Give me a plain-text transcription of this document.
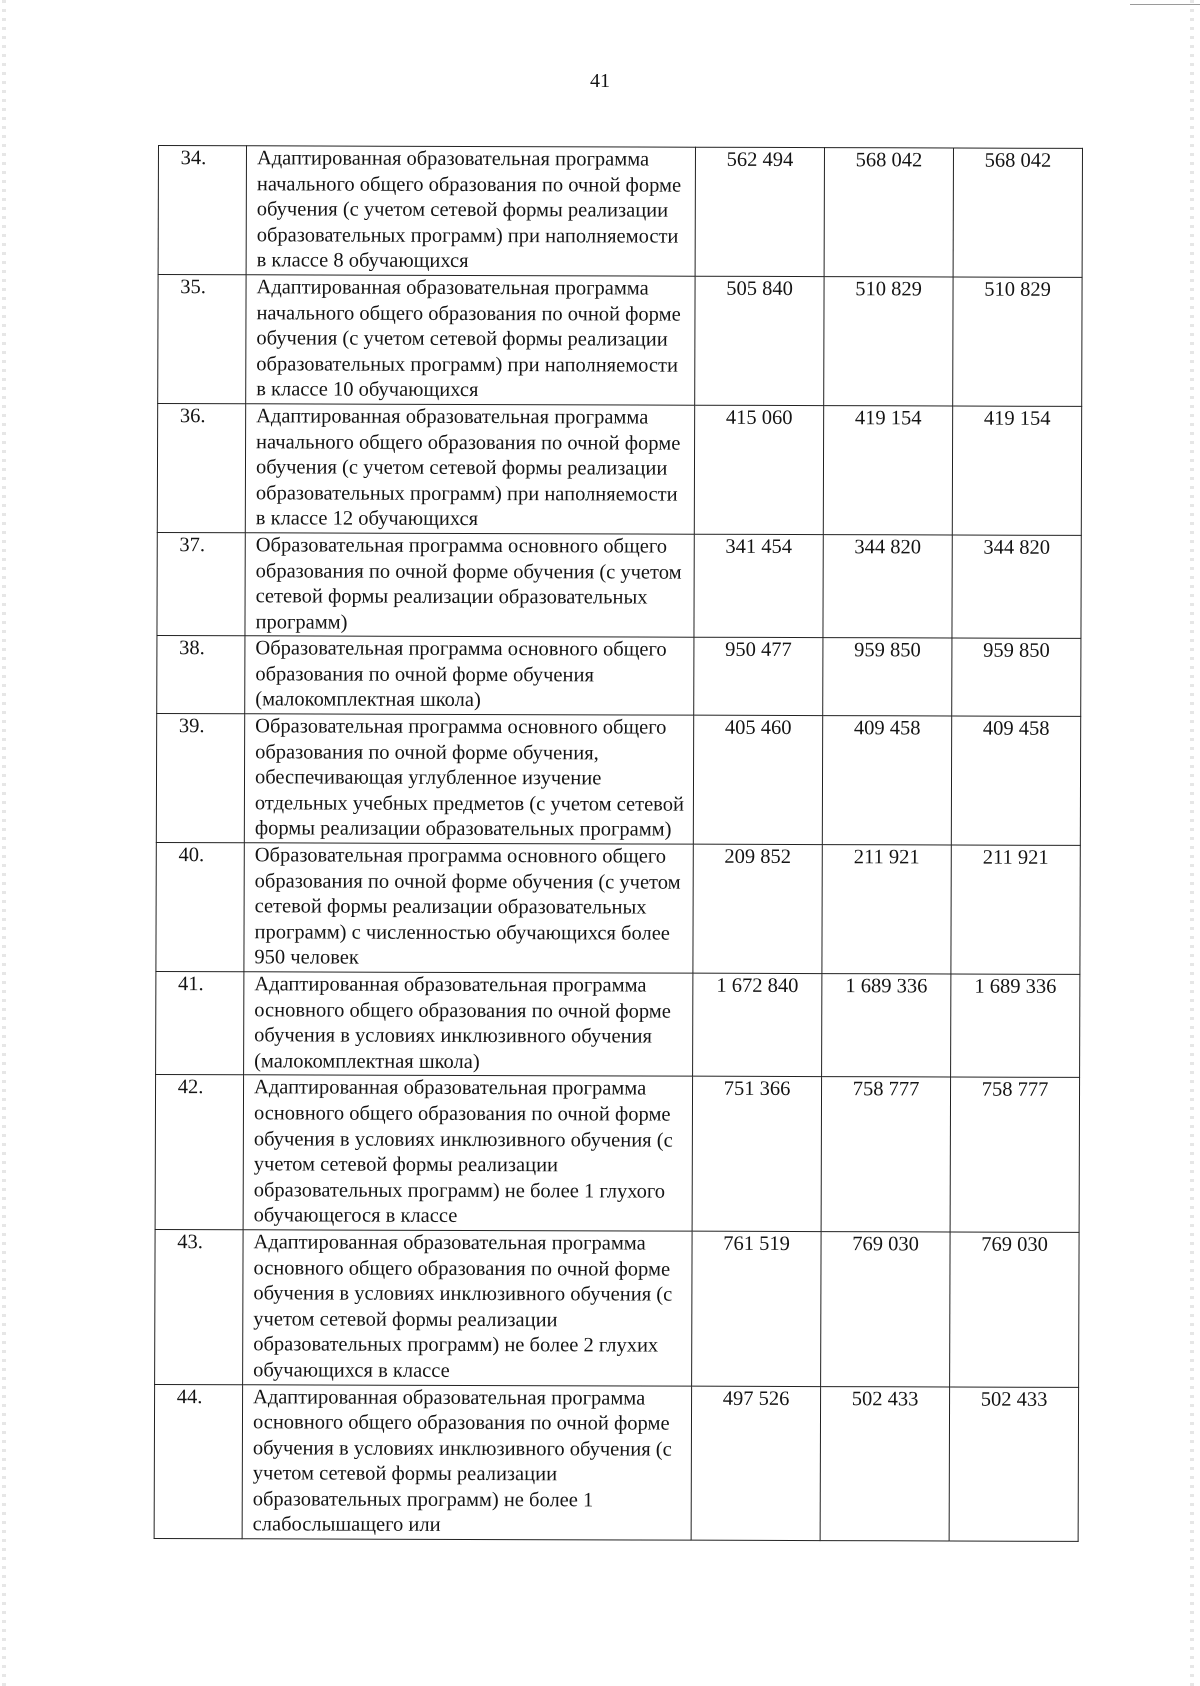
41
34.	Адаптированная образовательная программа начального общего образования по очной форме обучения (с учетом сетевой формы реализации образовательных программ) при наполняемости в классе 8 обучающихся	562 494	568 042	568 042
35.	Адаптированная образовательная программа начального общего образования по очной форме обучения (с учетом сетевой формы реализации образовательных программ) при наполняемости в классе 10 обучающихся	505 840	510 829	510 829
36.	Адаптированная образовательная программа начального общего образования по очной форме обучения (с учетом сетевой формы реализации образовательных программ) при наполняемости в классе 12 обучающихся	415 060	419 154	419 154
37.	Образовательная программа основного общего образования по очной форме обучения (с учетом сетевой формы реализации образовательных программ)	341 454	344 820	344 820
38.	Образовательная программа основного общего образования по очной форме обучения (малокомплектная школа)	950 477	959 850	959 850
39.	Образовательная программа основного общего образования по очной форме обучения, обеспечивающая углубленное изучение отдельных учебных предметов (с учетом сетевой формы реализации образовательных программ)	405 460	409 458	409 458
40.	Образовательная программа основного общего образования по очной форме обучения (с учетом сетевой формы реализации образовательных программ) с численностью обучающихся более 950 человек	209 852	211 921	211 921
41.	Адаптированная образовательная программа основного общего образования по очной форме обучения в условиях инклюзивного обучения (малокомплектная школа)	1 672 840	1 689 336	1 689 336
42.	Адаптированная образовательная программа основного общего образования по очной форме обучения в условиях инклюзивного обучения (с учетом сетевой формы реализации образовательных программ) не более 1 глухого обучающегося в классе	751 366	758 777	758 777
43.	Адаптированная образовательная программа основного общего образования по очной форме обучения в условиях инклюзивного обучения (с учетом сетевой формы реализации образовательных программ) не более 2 глухих обучающихся в классе	761 519	769 030	769 030
44.	Адаптированная образовательная программа основного общего образования по очной форме обучения в условиях инклюзивного обучения (с учетом сетевой формы реализации образовательных программ) не более 1 слабослышащего или	497 526	502 433	502 433
